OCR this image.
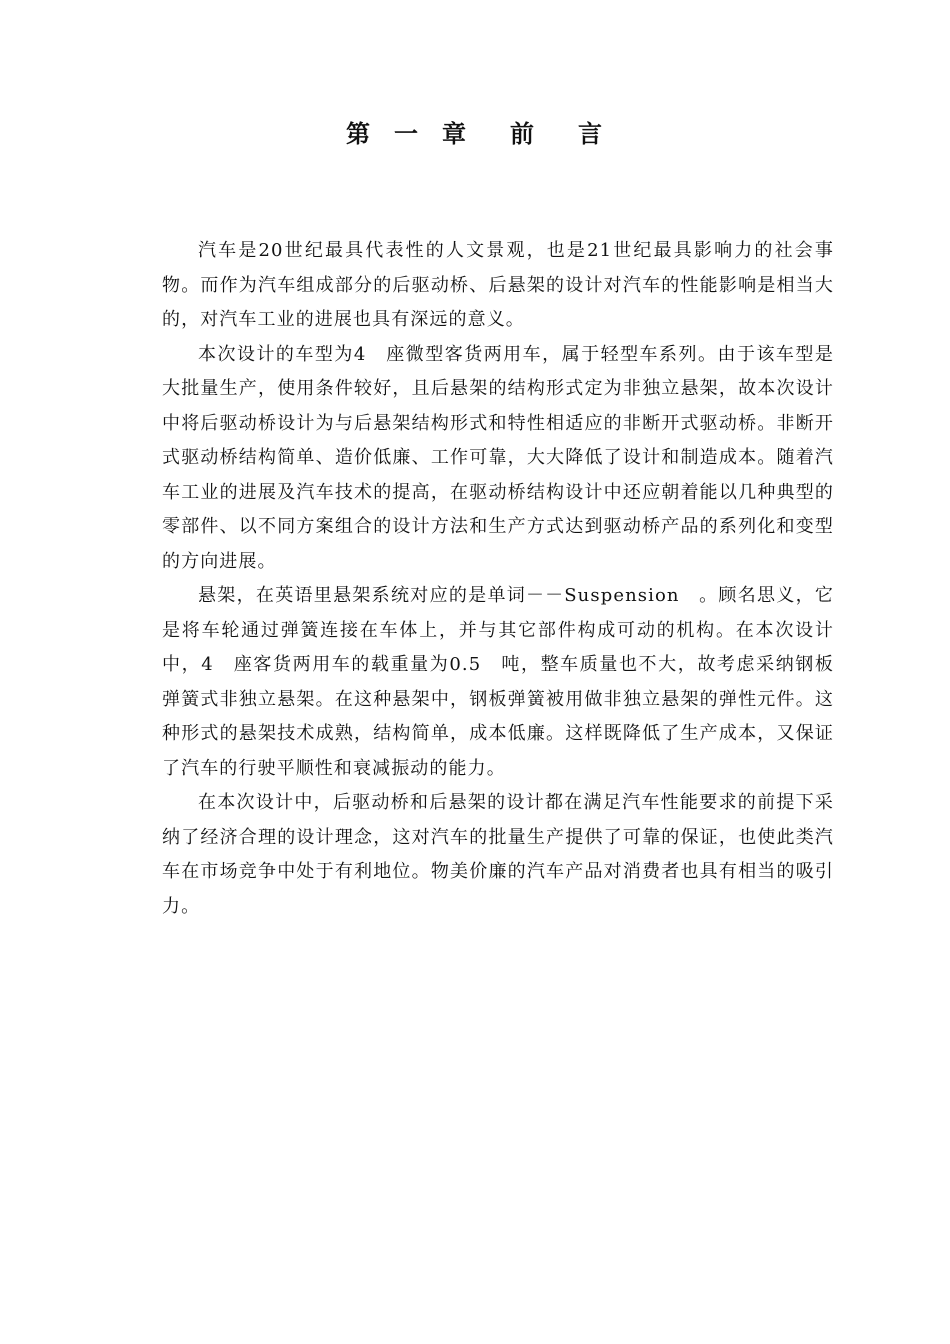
第 一 章 前 言

汽车是20世纪最具代表性的人文景观，也是21世纪最具影响力的社会事物。而作为汽车组成部分的后驱动桥、后悬架的设计对汽车的性能影响是相当大的，对汽车工业的进展也具有深远的意义。

本次设计的车型为4　座微型客货两用车，属于轻型车系列。由于该车型是大批量生产，使用条件较好，且后悬架的结构形式定为非独立悬架，故本次设计中将后驱动桥设计为与后悬架结构形式和特性相适应的非断开式驱动桥。非断开式驱动桥结构简单、造价低廉、工作可靠，大大降低了设计和制造成本。随着汽车工业的进展及汽车技术的提高，在驱动桥结构设计中还应朝着能以几种典型的零部件、以不同方案组合的设计方法和生产方式达到驱动桥产品的系列化和变型的方向进展。

悬架，在英语里悬架系统对应的是单词－－Suspension　。顾名思义，它是将车轮通过弹簧连接在车体上，并与其它部件构成可动的机构。在本次设计中，4　座客货两用车的载重量为0.5　吨，整车质量也不大，故考虑采纳钢板弹簧式非独立悬架。在这种悬架中，钢板弹簧被用做非独立悬架的弹性元件。这种形式的悬架技术成熟，结构简单，成本低廉。这样既降低了生产成本，又保证了汽车的行驶平顺性和衰减振动的能力。

在本次设计中，后驱动桥和后悬架的设计都在满足汽车性能要求的前提下采纳了经济合理的设计理念，这对汽车的批量生产提供了可靠的保证，也使此类汽车在市场竞争中处于有利地位。物美价廉的汽车产品对消费者也具有相当的吸引力。
